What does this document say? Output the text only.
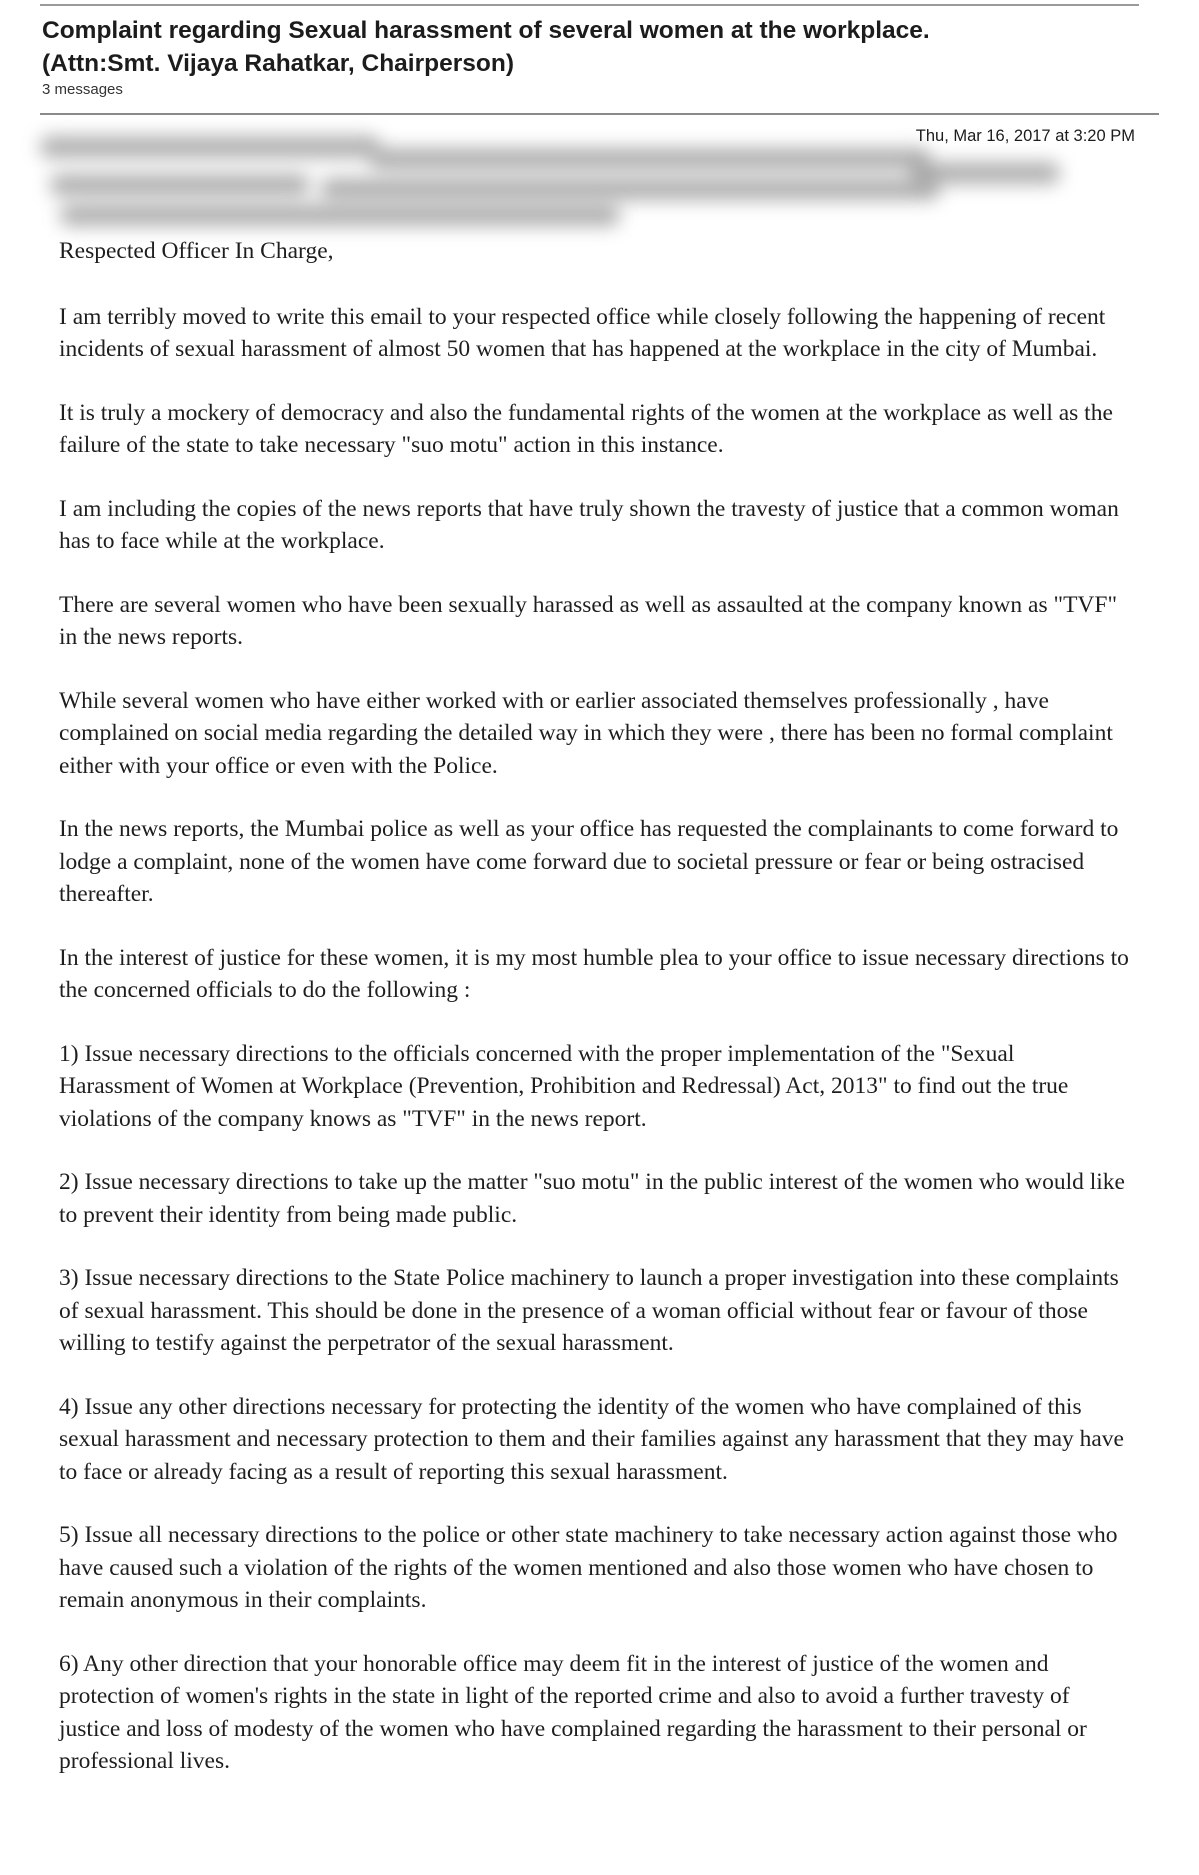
Complaint regarding Sexual harassment of several women at the workplace.
(Attn:Smt. Vijaya Rahatkar, Chairperson)
3 messages
Thu, Mar 16, 2017 at 3:20 PM

Respected Officer In Charge,

I am terribly moved to write this email to your respected office while closely following the happening of recent incidents of sexual harassment of almost 50 women that has happened at the workplace in the city of Mumbai.

It is truly a mockery of democracy and also the fundamental rights of the women at the workplace as well as the failure of the state to take necessary "suo motu" action in this instance.

I am including the copies of the news reports that have truly shown the travesty of justice that a common woman has to face while at the workplace.

There are several women who have been sexually harassed as well as assaulted at the company known as "TVF" in the news reports.

While several women who have either worked with or earlier associated themselves professionally , have complained on social media regarding the detailed way in which they were , there has been no formal complaint either with your office or even with the Police.

In the news reports, the Mumbai police as well as your office has requested the complainants to come forward to lodge a complaint, none of the women have come forward due to societal pressure or fear or being ostracised thereafter.

In the interest of justice for these women, it is my most humble plea to your office to issue necessary directions to the concerned officials to do the following :

1) Issue necessary directions to the officials concerned with the proper implementation of the "Sexual Harassment of Women at Workplace (Prevention, Prohibition and Redressal) Act, 2013" to find out the true violations of the company knows as "TVF" in the news report.

2) Issue necessary directions to take up the matter "suo motu" in the public interest of the women who would like to prevent their identity from being made public.

3) Issue necessary directions to the State Police machinery to launch a proper investigation into these complaints of sexual harassment. This should be done in the presence of a woman official without fear or favour of those willing to testify against the perpetrator of the sexual harassment.

4) Issue any other directions necessary for protecting the identity of the women who have complained of this sexual harassment and necessary protection to them and their families against any harassment that they may have to face or already facing as a result of reporting this sexual harassment.

5) Issue all necessary directions to the police or other state machinery to take necessary action against those who have caused such a violation of the rights of the women mentioned and also those women who have chosen to remain anonymous in their complaints.

6) Any other direction that your honorable office may deem fit in the interest of justice of the women and protection of women's rights in the state in light of the reported crime and also to avoid a further travesty of justice and loss of modesty of the women who have complained regarding the harassment to their personal or professional lives.
